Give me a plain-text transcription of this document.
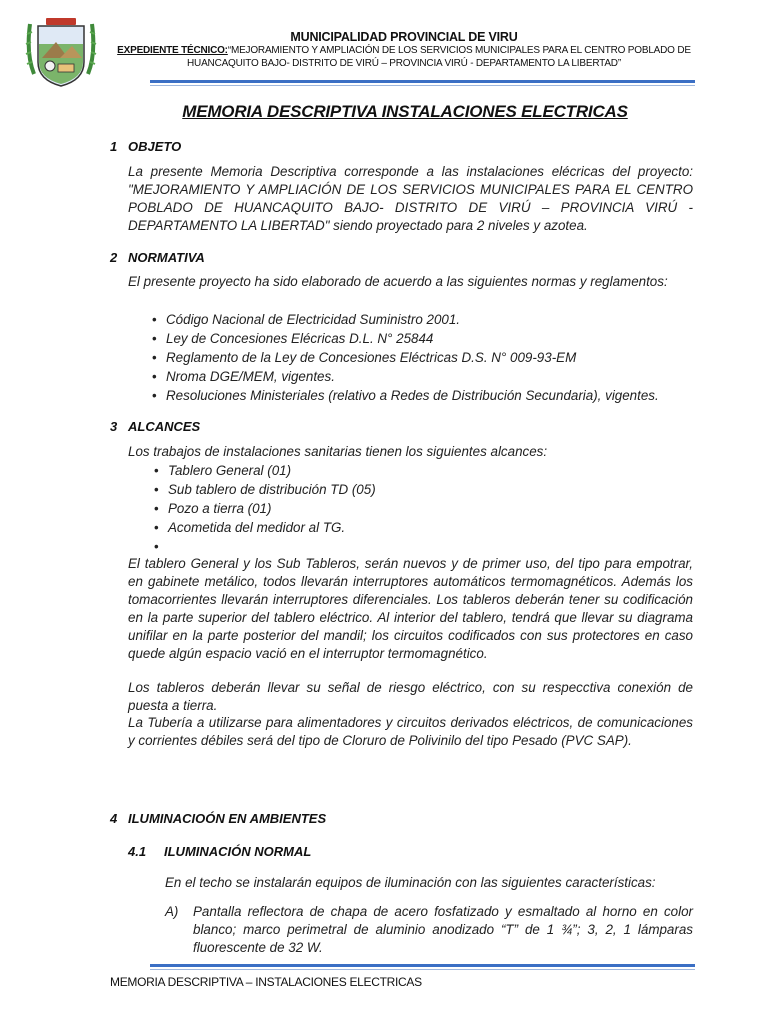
MUNICIPALIDAD PROVINCIAL DE VIRU
EXPEDIENTE TÉCNICO:“MEJORAMIENTO Y AMPLIACIÓN DE LOS SERVICIOS MUNICIPALES PARA EL CENTRO POBLADO DE
HUANCAQUITO BAJO- DISTRITO DE VIRÚ – PROVINCIA VIRÚ - DEPARTAMENTO LA LIBERTAD”
MEMORIA DESCRIPTIVA INSTALACIONES ELECTRICAS
1 OBJETO
La presente Memoria Descriptiva corresponde a las instalaciones elécricas del proyecto: "MEJORAMIENTO Y AMPLIACIÓN DE LOS SERVICIOS MUNICIPALES PARA EL CENTRO POBLADO DE HUANCAQUITO BAJO- DISTRITO DE VIRÚ – PROVINCIA VIRÚ - DEPARTAMENTO LA LIBERTAD" siendo proyectado para 2 niveles y azotea.
2 NORMATIVA
El presente proyecto ha sido elaborado de acuerdo a las siguientes normas y reglamentos:
• Código Nacional de Electricidad Suministro 2001.
• Ley de Concesiones Elécricas D.L. N° 25844
• Reglamento de la Ley de Concesiones Eléctricas D.S. N° 009-93-EM
• Nroma DGE/MEM, vigentes.
• Resoluciones Ministeriales (relativo a Redes de Distribución Secundaria), vigentes.
3 ALCANCES
Los trabajos de instalaciones sanitarias tienen los siguientes alcances:
• Tablero General (01)
• Sub tablero de distribución TD (05)
• Pozo a tierra (01)
• Acometida del medidor al TG.
El tablero General y los Sub Tableros, serán nuevos y de primer uso, del tipo para empotrar, en gabinete metálico, todos llevarán interruptores automáticos termomagnéticos. Además los tomacorrientes llevarán interruptores diferenciales. Los tableros deberán tener su codificación en la parte superior del tablero eléctrico. Al interior del tablero, tendrá que llevar su diagrama unifilar en la parte posterior del mandil; los circuitos codificados con sus protectores en caso quede algún espacio vació en el interruptor termomagnético.
Los tableros deberán llevar su señal de riesgo eléctrico, con su respecctiva conexión de puesta a tierra.
La Tubería a utilizarse para alimentadores y circuitos derivados eléctricos, de comunicaciones y corrientes débiles será del tipo de Cloruro de Polivinilo del tipo Pesado (PVC SAP).
4 ILUMINACIOÓN EN AMBIENTES
4.1 ILUMINACIÓN NORMAL
En el techo se instalarán equipos de iluminación con las siguientes características:
A) Pantalla reflectora de chapa de acero fosfatizado y esmaltado al horno en color blanco; marco perimetral de aluminio anodizado “T” de 1 ¾”; 3, 2, 1 lámparas fluorescente de 32 W.
MEMORIA DESCRIPTIVA – INSTALACIONES ELECTRICAS
